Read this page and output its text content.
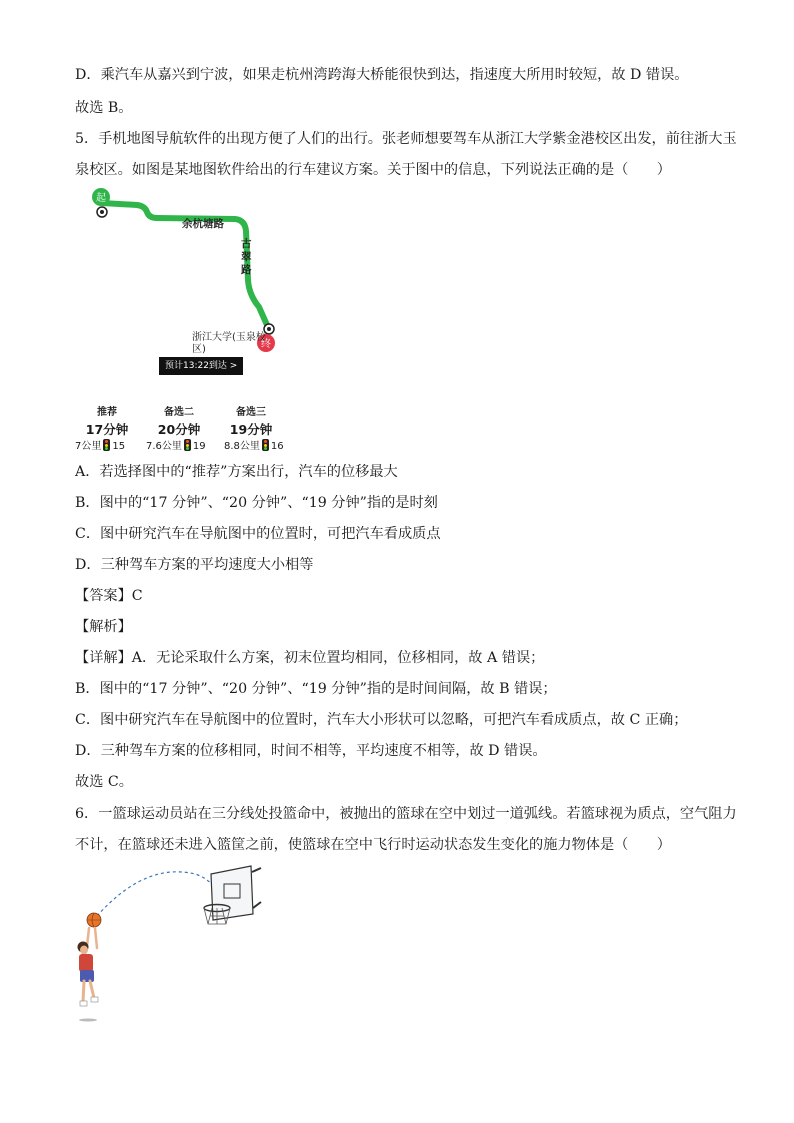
D．乘汽车从嘉兴到宁波，如果走杭州湾跨海大桥能很快到达，指速度大所用时较短，故 D 错误。
故选 B。
5．手机地图导航软件的出现方便了人们的出行。张老师想要驾车从浙江大学紫金港校区出发，前往浙大玉
泉校区。如图是某地图软件给出的行车建议方案。关于图中的信息，下列说法正确的是（　　）
起
终
余杭塘路
古
翠
路
浙江大学(玉泉校区)
预计13:22到达 >
推荐
17分钟
备选二
20分钟
备选三
19分钟
7公里 15 7.6公里 19 8.8公里 16
A．若选择图中的“推荐”方案出行，汽车的位移最大
B．图中的“17 分钟”、“20 分钟”、“19 分钟”指的是时刻
C．图中研究汽车在导航图中的位置时，可把汽车看成质点
D．三种驾车方案的平均速度大小相等
【答案】C
【解析】
【详解】A．无论采取什么方案，初末位置均相同，位移相同，故 A 错误；
B．图中的“17 分钟”、“20 分钟”、“19 分钟”指的是时间间隔，故 B 错误；
C．图中研究汽车在导航图中的位置时，汽车大小形状可以忽略，可把汽车看成质点，故 C 正确；
D．三种驾车方案的位移相同，时间不相等，平均速度不相等，故 D 错误。
故选 C。
6．一篮球运动员站在三分线处投篮命中，被抛出的篮球在空中划过一道弧线。若篮球视为质点，空气阻力
不计，在篮球还未进入篮筐之前，使篮球在空中飞行时运动状态发生变化的施力物体是（　　）
